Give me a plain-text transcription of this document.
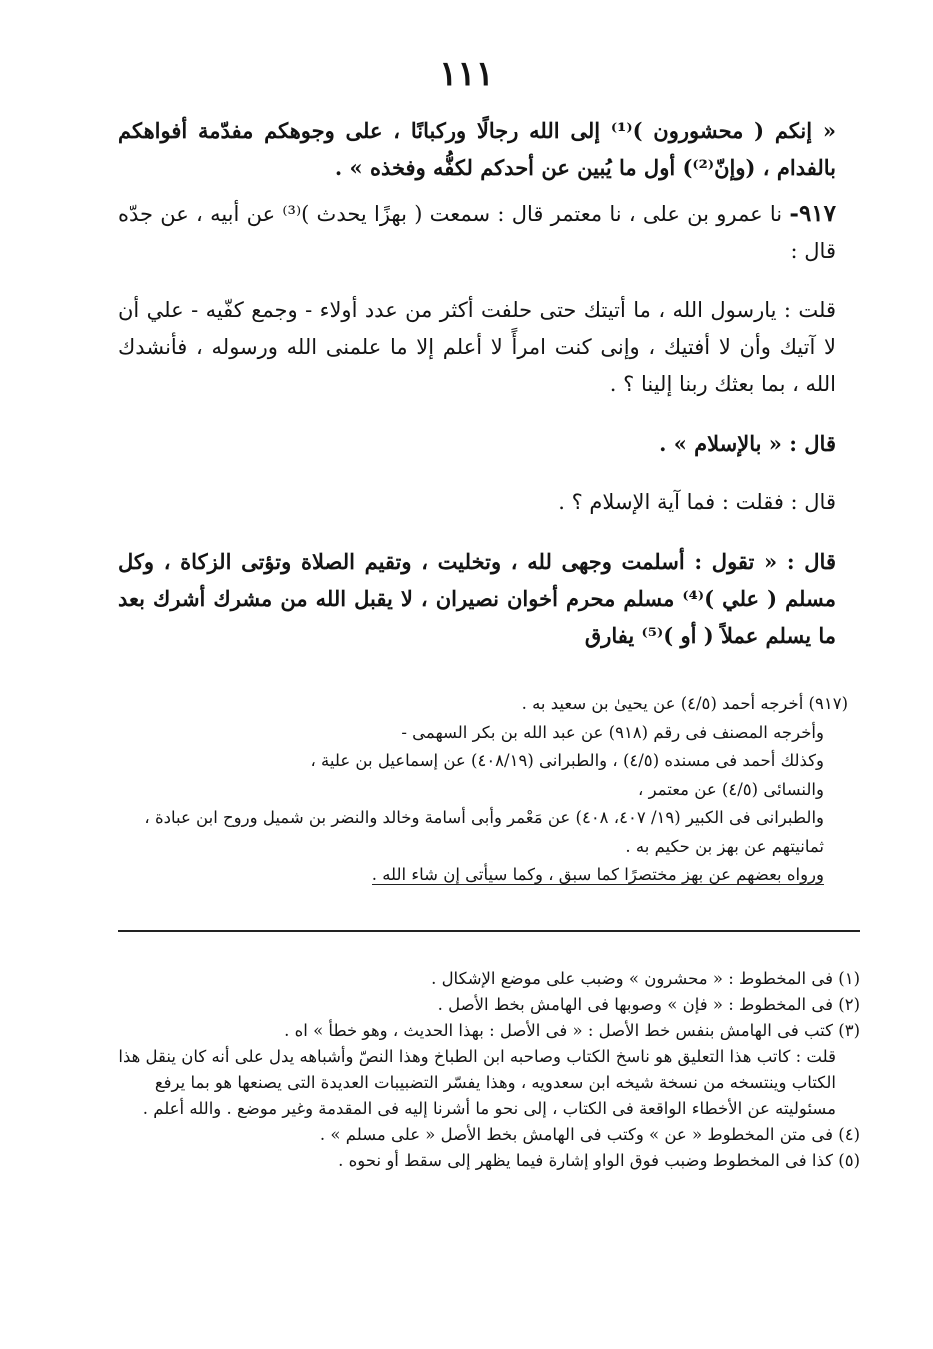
١١١

« إنكم ( محشورون )⁽¹⁾ إلى الله رجالًا وركبانًا ، على وجوهكم مفدّمة أفواهكم بالفدام ، (وإنّ⁽²⁾) أول ما يُبين عن أحدكم لكفُّه وفخذه » .

٩١٧- نا عمرو بن على ، نا معتمر قال : سمعت ( بهزًا يحدث )⁽³⁾ عن أبيه ، عن جدّه قال :

قلت : يارسول الله ، ما أتيتك حتى حلفت أكثر من عدد أولاء - وجمع كفّيه - علي أن لا آتيك وأن لا أفتيك ، وإنى كنت امرأً لا أعلم إلا ما علمنى الله ورسوله ، فأنشدك الله ، بما بعثك ربنا إلينا ؟ .

قال : « بالإسلام » .

قال : فقلت : فما آية الإسلام ؟ .

قال : « تقول : أسلمت وجهى لله ، وتخليت ، وتقيم الصلاة وتؤتى الزكاة ، وكل مسلم ( علي )⁽⁴⁾ مسلم محرم أخوان نصيران ، لا يقبل الله من مشرك أشرك بعد ما يسلم عملاً ( أو )⁽⁵⁾ يفارق

(٩١٧) أخرجه أحمد (٤/٥) عن يحيىٰ بن سعيد به .

وأخرجه المصنف فى رقم (٩١٨) عن عبد الله بن بكر السهمى -

وكذلك أحمد فى مسنده (٤/٥) ، والطبرانى (٤٠٨/١٩) عن إسماعيل بن علية ،

والنسائى (٤/٥) عن معتمر ،

والطبرانى فى الكبير (١٩/ ٤٠٧، ٤٠٨) عن مَعْمر وأبى أسامة وخالد والنضر بن شميل وروح ابن عبادة ، ثمانيتهم عن بهز بن حكيم به .

ورواه بعضهم عن بهز مختصرًا كما سبق ، وكما سيأتى إن شاء الله .

(١) فى المخطوط : « محشرون » وضبب على موضع الإشكال .

(٢) فى المخطوط : « فإن » وصوبها فى الهامش بخط الأصل .

(٣) كتب فى الهامش بنفس خط الأصل : « فى الأصل : بهذا الحديث ، وهو خطأ » اه .

قلت : كاتب هذا التعليق هو ناسخ الكتاب وصاحبه ابن الطباخ وهذا النصّ وأشباهه يدل على أنه كان ينقل هذا الكتاب وينتسخه من نسخة شيخه ابن سعدويه ، وهذا يفسّر التضبيبات العديدة التى يصنعها هو بما يرفع مسئوليته عن الأخطاء الواقعة فى الكتاب ، إلى نحو ما أشرنا إليه فى المقدمة وغير موضع . والله أعلم .

(٤) فى متن المخطوط « عن » وكتب فى الهامش بخط الأصل « على مسلم » .

(٥) كذا فى المخطوط وضبب فوق الواو إشارة فيما يظهر إلى سقط أو نحوه .
